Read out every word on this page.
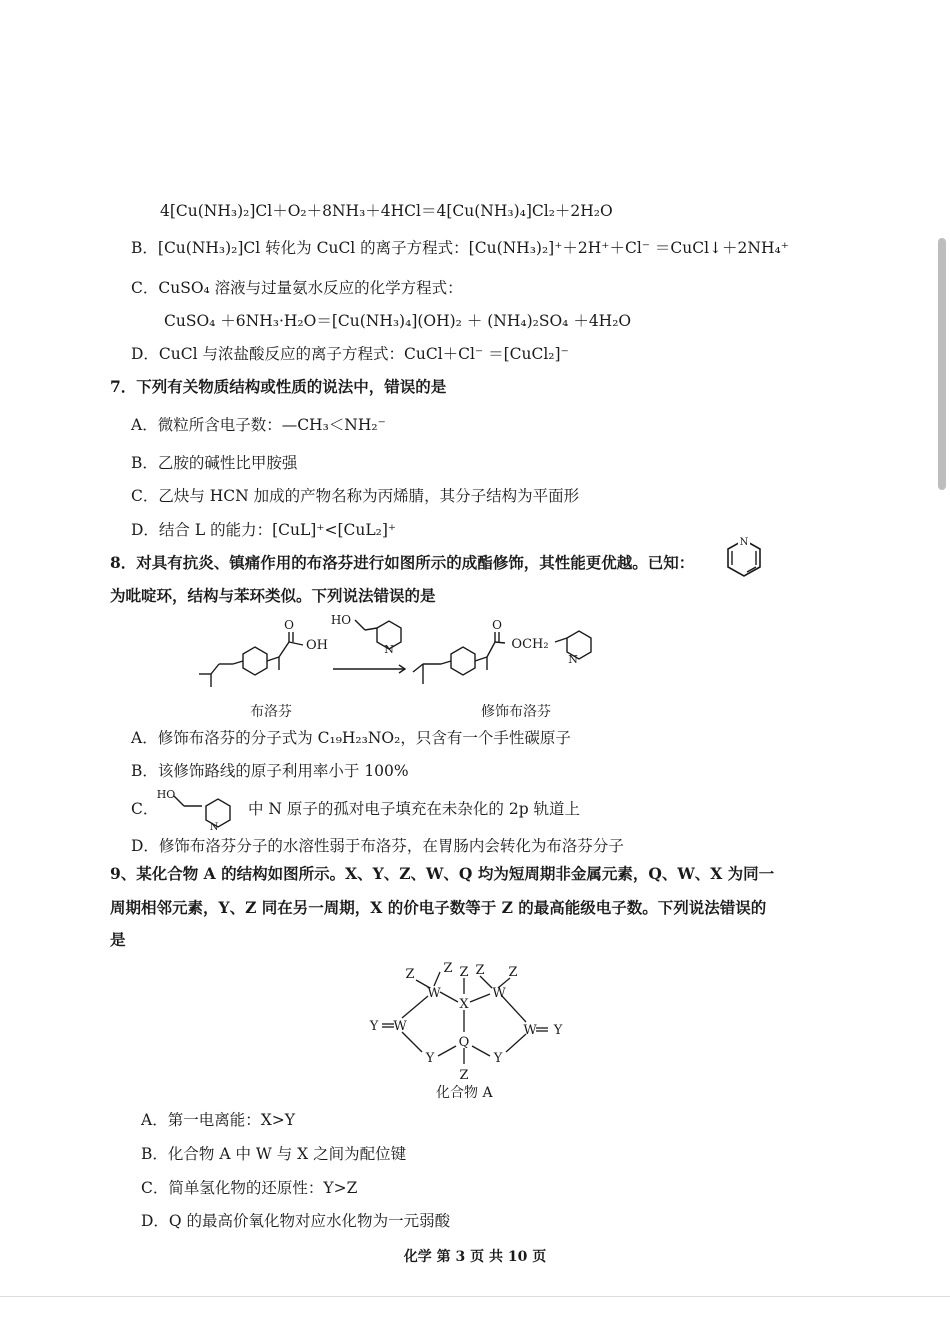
4[Cu(NH₃)₂]Cl＋O₂＋8NH₃＋4HCl＝4[Cu(NH₃)₄]Cl₂＋2H₂O
B．[Cu(NH₃)₂]Cl 转化为 CuCl 的离子方程式：[Cu(NH₃)₂]⁺＋2H⁺＋Cl⁻ ＝CuCl↓＋2NH₄⁺
C．CuSO₄ 溶液与过量氨水反应的化学方程式：
CuSO₄ ＋6NH₃·H₂O＝[Cu(NH₃)₄](OH)₂ ＋ (NH₄)₂SO₄ ＋4H₂O
D．CuCl 与浓盐酸反应的离子方程式：CuCl＋Cl⁻ ＝[CuCl₂]⁻
7．下列有关物质结构或性质的说法中，错误的是
A．微粒所含电子数：—CH₃＜NH₂⁻
B．乙胺的碱性比甲胺强
C．乙炔与 HCN 加成的产物名称为丙烯腈，其分子结构为平面形
D．结合 L 的能力：[CuL]⁺<[CuL₂]⁺
8．对具有抗炎、镇痛作用的布洛芬进行如图所示的成酯修饰，其性能更优越。已知：
N
为吡啶环，结构与苯环类似。下列说法错误的是
O
OH
HO
N
O
OCH₂
N
布洛芬	修饰布洛芬
A．修饰布洛芬的分子式为 C₁₉H₂₃NO₂，只含有一个手性碳原子
B．该修饰路线的原子利用率小于 100%
C．
HO
N
中 N 原子的孤对电子填充在未杂化的 2p 轨道上
D．修饰布洛芬分子的水溶性弱于布洛芬，在胃肠内会转化为布洛芬分子
9、某化合物 A 的结构如图所示。X、Y、Z、W、Q 均为短周期非金属元素，Q、W、X 为同一
周期相邻元素，Y、Z 同在另一周期，X 的价电子数等于 Z 的最高能级电子数。下列说法错误的
是
Z Z Z Z Z
W	W
X
Y W	W Y
Q
Y	Y
Z
化合物 A
A．第一电离能：X>Y
B．化合物 A 中 W 与 X 之间为配位键
C．简单氢化物的还原性：Y>Z
D．Q 的最高价氧化物对应水化物为一元弱酸
化学 第 3 页 共 10 页
